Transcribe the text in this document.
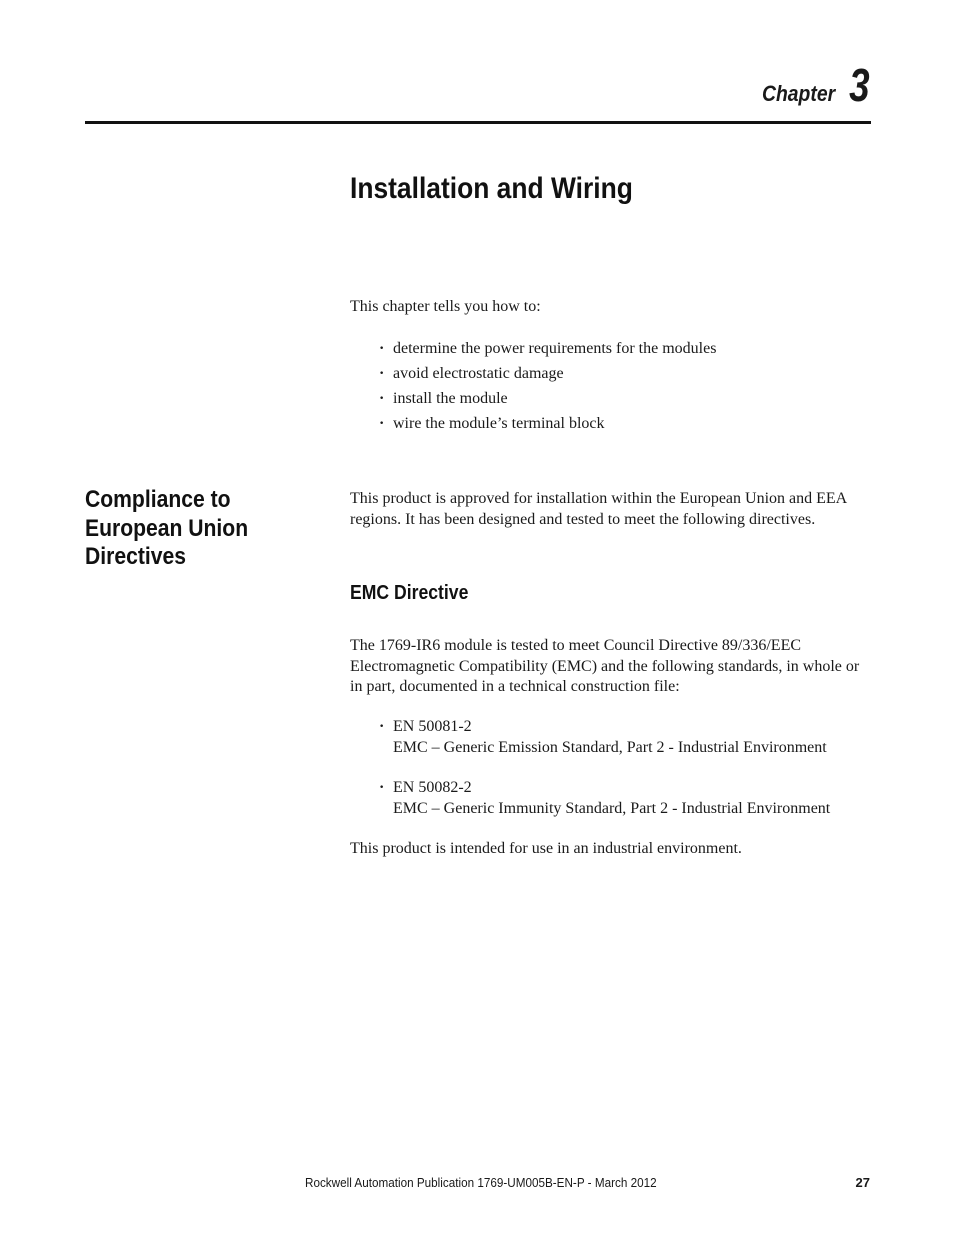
Chapter 3
Installation and Wiring

This chapter tells you how to:

· determine the power requirements for the modules
· avoid electrostatic damage
· install the module
· wire the module’s terminal block
Compliance to European Union Directives

This product is approved for installation within the European Union and EEA regions. It has been designed and tested to meet the following directives.

EMC Directive

The 1769-IR6 module is tested to meet Council Directive 89/336/EEC Electromagnetic Compatibility (EMC) and the following standards, in whole or in part, documented in a technical construction file:

· EN 50081-2
EMC – Generic Emission Standard, Part 2 - Industrial Environment
· EN 50082-2
EMC – Generic Immunity Standard, Part 2 - Industrial Environment

This product is intended for use in an industrial environment.

Rockwell Automation Publication 1769-UM005B-EN-P - March 2012	27
